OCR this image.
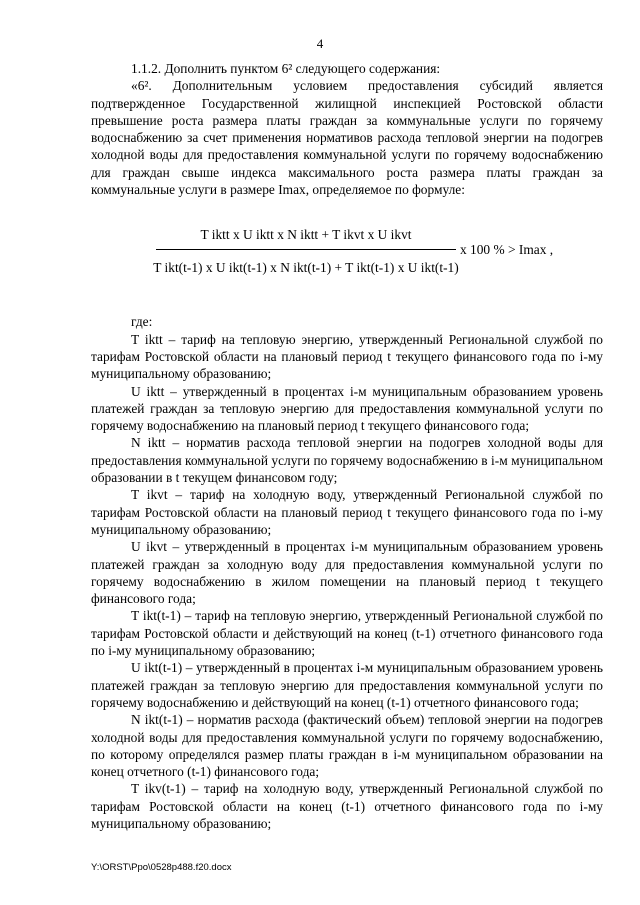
4

1.1.2. Дополнить пунктом 6² следующего содержания:

«6². Дополнительным условием предоставления субсидий является подтвержденное Государственной жилищной инспекцией Ростовской области превышение роста размера платы граждан за коммунальные услуги по горячему водоснабжению за счет применения нормативов расхода тепловой энергии на подогрев холодной воды для предоставления коммунальной услуги по горячему водоснабжению для граждан свыше индекса максимального роста размера платы граждан за коммунальные услуги в размере Imax, определяемое по формуле:

T iktt x U iktt x N iktt + T ikvt x U ikvt
T ikt(t-1) x U ikt(t-1) x N ikt(t-1) + T ikt(t-1) x U ikt(t-1)
x 100 % > Imax ,

где:

T iktt – тариф на тепловую энергию, утвержденный Региональной службой по тарифам Ростовской области на плановый период t текущего финансового года по i-му муниципальному образованию;

U iktt – утвержденный в процентах i-м муниципальным образованием уровень платежей граждан за тепловую энергию для предоставления коммунальной услуги по горячему водоснабжению на плановый период t текущего финансового года;

N iktt – норматив расхода тепловой энергии на подогрев холодной воды для предоставления коммунальной услуги по горячему водоснабжению в i-м муниципальном образовании в t текущем финансовом году;

T ikvt – тариф на холодную воду, утвержденный Региональной службой по тарифам Ростовской области на плановый период t текущего финансового года по i-му муниципальному образованию;

U ikvt – утвержденный в процентах i-м муниципальным образованием уровень платежей граждан за холодную воду для предоставления коммунальной услуги по горячему водоснабжению в жилом помещении на плановый период t текущего финансового года;

T ikt(t-1) – тариф на тепловую энергию, утвержденный Региональной службой по тарифам Ростовской области и действующий на конец (t-1) отчетного финансового года по i-му муниципальному образованию;

U ikt(t-1) – утвержденный в процентах i-м муниципальным образованием уровень платежей граждан за тепловую энергию для предоставления коммунальной услуги по горячему водоснабжению и действующий на конец (t-1) отчетного финансового года;

N ikt(t-1) – норматив расхода (фактический объем) тепловой энергии на подогрев холодной воды для предоставления коммунальной услуги по горячему водоснабжению, по которому определялся размер платы граждан в i-м муниципальном образовании на конец отчетного (t-1) финансового года;

T ikv(t-1) – тариф на холодную воду, утвержденный Региональной службой по тарифам Ростовской области на конец (t-1) отчетного финансового года по i-му муниципальному образованию;

Y:\ORST\Ppo\0528p488.f20.docx
